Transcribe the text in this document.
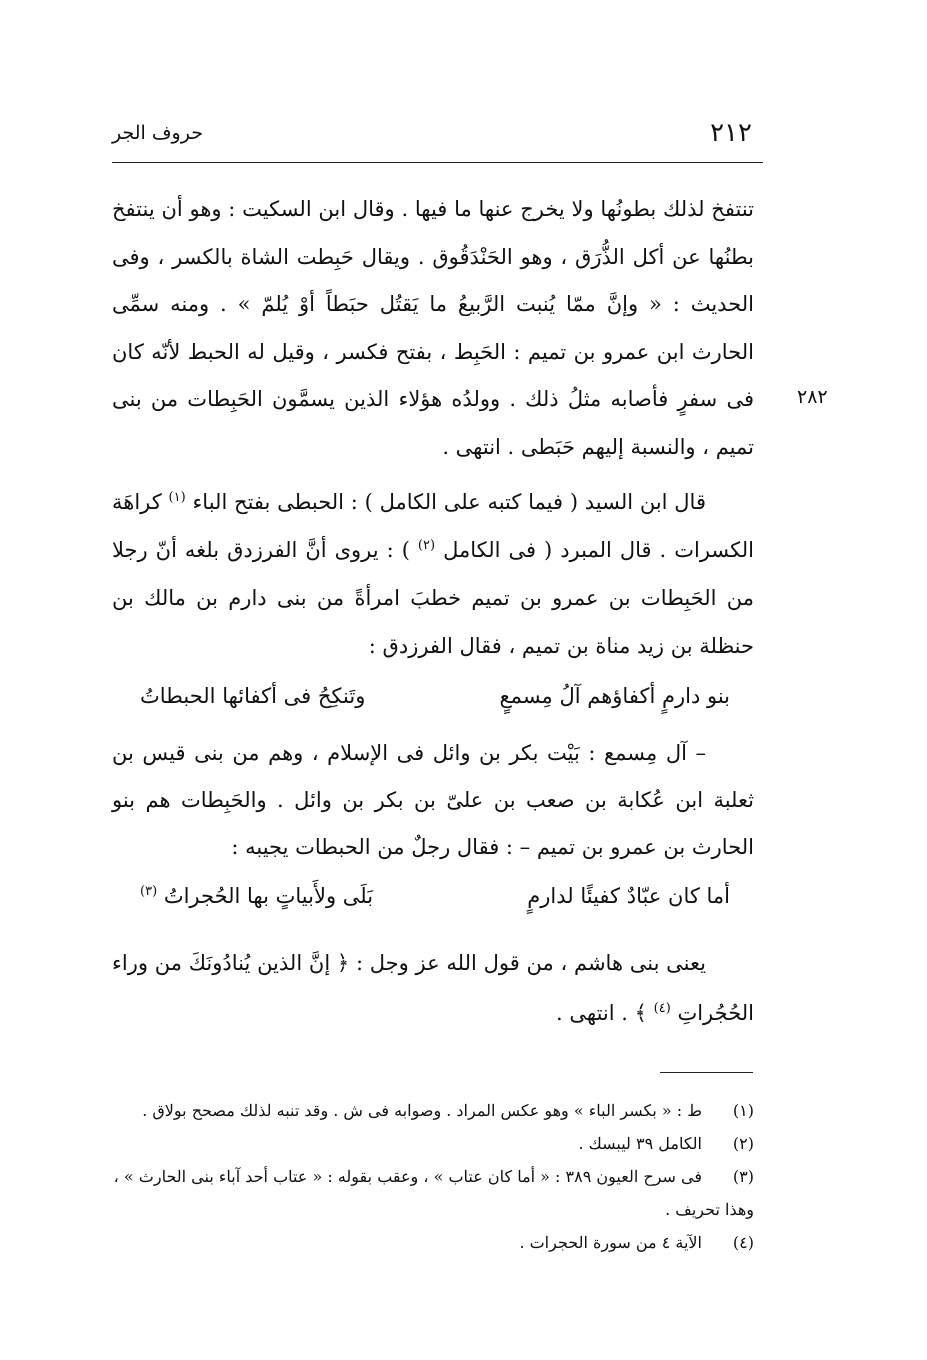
٢١٢
حروف الجر
٢٨٢

تنتفخ لذلك بطونُها ولا يخرج عنها ما فيها . وقال ابن السكيت : وهو أن ينتفخ بطنُها عن أكل الذُّرَق ، وهو الحَنْدَقُوق . ويقال حَبِطت الشاة بالكسر ، وفى الحديث : « وإنَّ ممّا يُنبت الرَّبيعُ ما يَقتُل حبَطاً أوْ يُلمّ » . ومنه سمِّى الحارث ابن عمرو بن تميم : الحَبِط ، بفتح فكسر ، وقيل له الحبط لأنّه كان فى سفرٍ فأصابه مثلُ ذلك . وولدُه هؤلاء الذين يسمَّون الحَبِطات من بنى تميم ، والنسبة إليهم حَبَطى . انتهى .

قال ابن السيد ( فيما كتبه على الكامل ) : الحبطى بفتح الباء $^{(١)}$ كراهَة الكسرات . قال المبرد ( فى الكامل $^{(٢)}$ ) : يروى أنَّ الفرزدق بلغه أنّ رجلا من الحَبِطات بن عمرو بن تميم خطبَ امرأةً من بنى دارم بن مالك بن حنظلة بن زيد مناة بن تميم ، فقال الفرزدق :

بنو دارمٍ أكفاؤهم آلُ مِسمعٍ
وتَنكِحُ فى أكفائها الحبطاتُ

– آل مِسمع : بَيْت بكر بن وائل فى الإسلام ، وهم من بنى قيس بن ثعلبة ابن عُكابة بن صعب بن علىّ بن بكر بن وائل . والحَبِطات هم بنو الحارث بن عمرو بن تميم – : فقال رجلٌ من الحبطات يجيبه :

أما كان عبّادٌ كفيئًا لدارمٍ
بَلَى ولأَبياتٍ بها الحُجراتُ $^{(٣)}$

يعنى بنى هاشم ، من قول الله عز وجل : ﴿ إنَّ الذين يُنادُونَكَ من وراء الحُجُراتِ $^{(٤)}$ ﴾ . انتهى .

(١)
ط : « بكسر الباء » وهو عكس المراد . وصوابه فى ش . وقد تنبه لذلك مصحح بولاق .

(٢)
الكامل ٣٩ ليبسك .

(٣)
فى سرح العيون ٣٨٩ : « أما كان عتاب » ، وعقب بقوله : « عتاب أحد آباء بنى الحارث » ،

وهذا تحريف .

(٤)
الآية ٤ من سورة الحجرات .
